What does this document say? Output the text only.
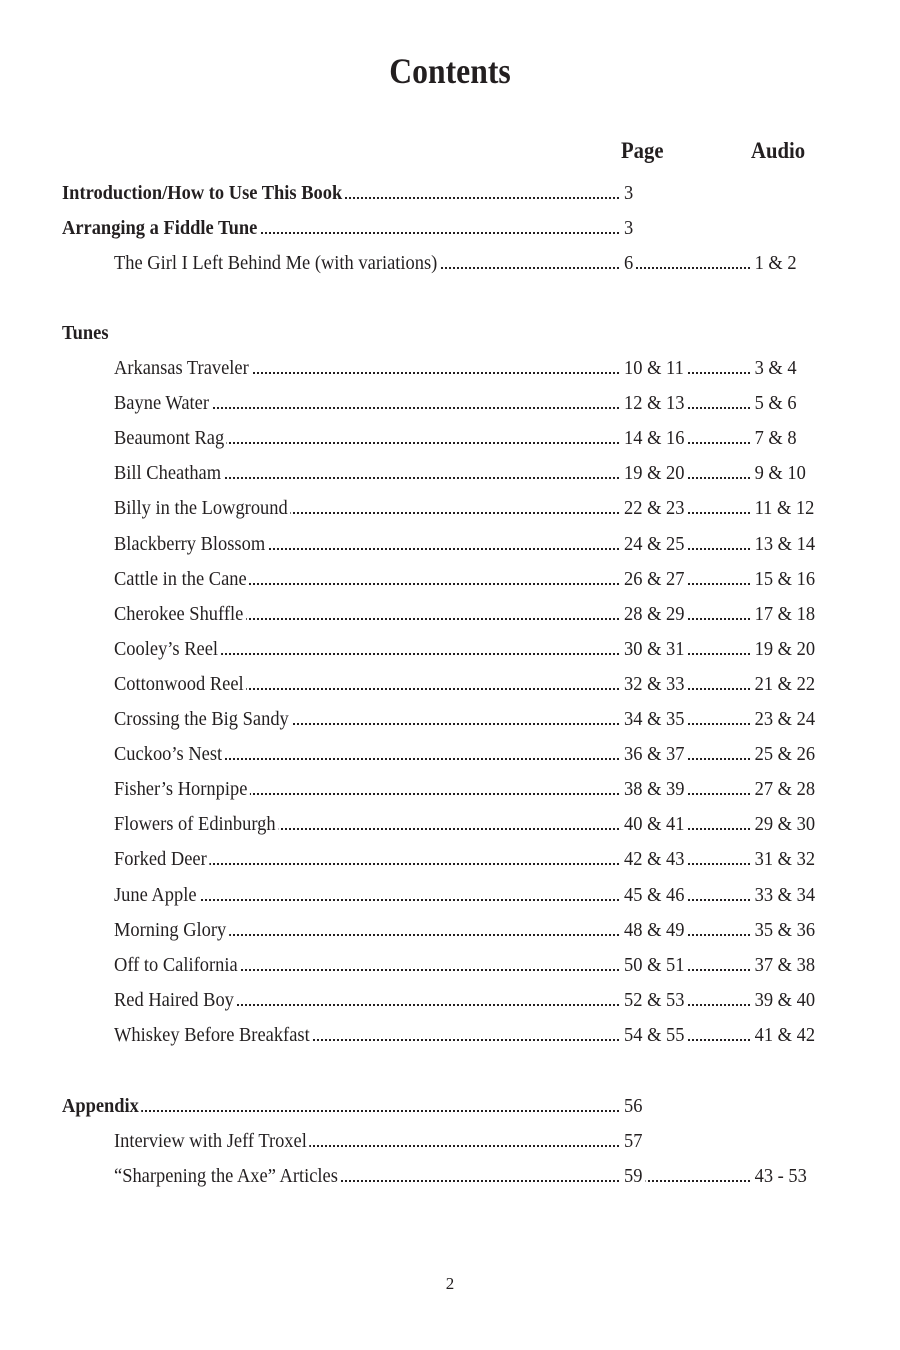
Contents
Page	Audio
Introduction/How to Use This Book	3
Arranging a Fiddle Tune	3
The Girl I Left Behind Me (with variations)	6	1 & 2
Tunes
Arkansas Traveler	10 & 11	3 & 4
Bayne Water	12 & 13	5 & 6
Beaumont Rag	14 & 16	7 & 8
Bill Cheatham	19 & 20	9 & 10
Billy in the Lowground	22 & 23	11 & 12
Blackberry Blossom	24 & 25	13 & 14
Cattle in the Cane	26 & 27	15 & 16
Cherokee Shuffle	28 & 29	17 & 18
Cooley’s Reel	30 & 31	19 & 20
Cottonwood Reel	32 & 33	21 & 22
Crossing the Big Sandy	34 & 35	23 & 24
Cuckoo’s Nest	36 & 37	25 & 26
Fisher’s Hornpipe	38 & 39	27 & 28
Flowers of Edinburgh	40 & 41	29 & 30
Forked Deer	42 & 43	31 & 32
June Apple	45 & 46	33 & 34
Morning Glory	48 & 49	35 & 36
Off to California	50 & 51	37 & 38
Red Haired Boy	52 & 53	39 & 40
Whiskey Before Breakfast	54 & 55	41 & 42
Appendix	56
Interview with Jeff Troxel	57
“Sharpening the Axe” Articles	59	43 - 53
2
